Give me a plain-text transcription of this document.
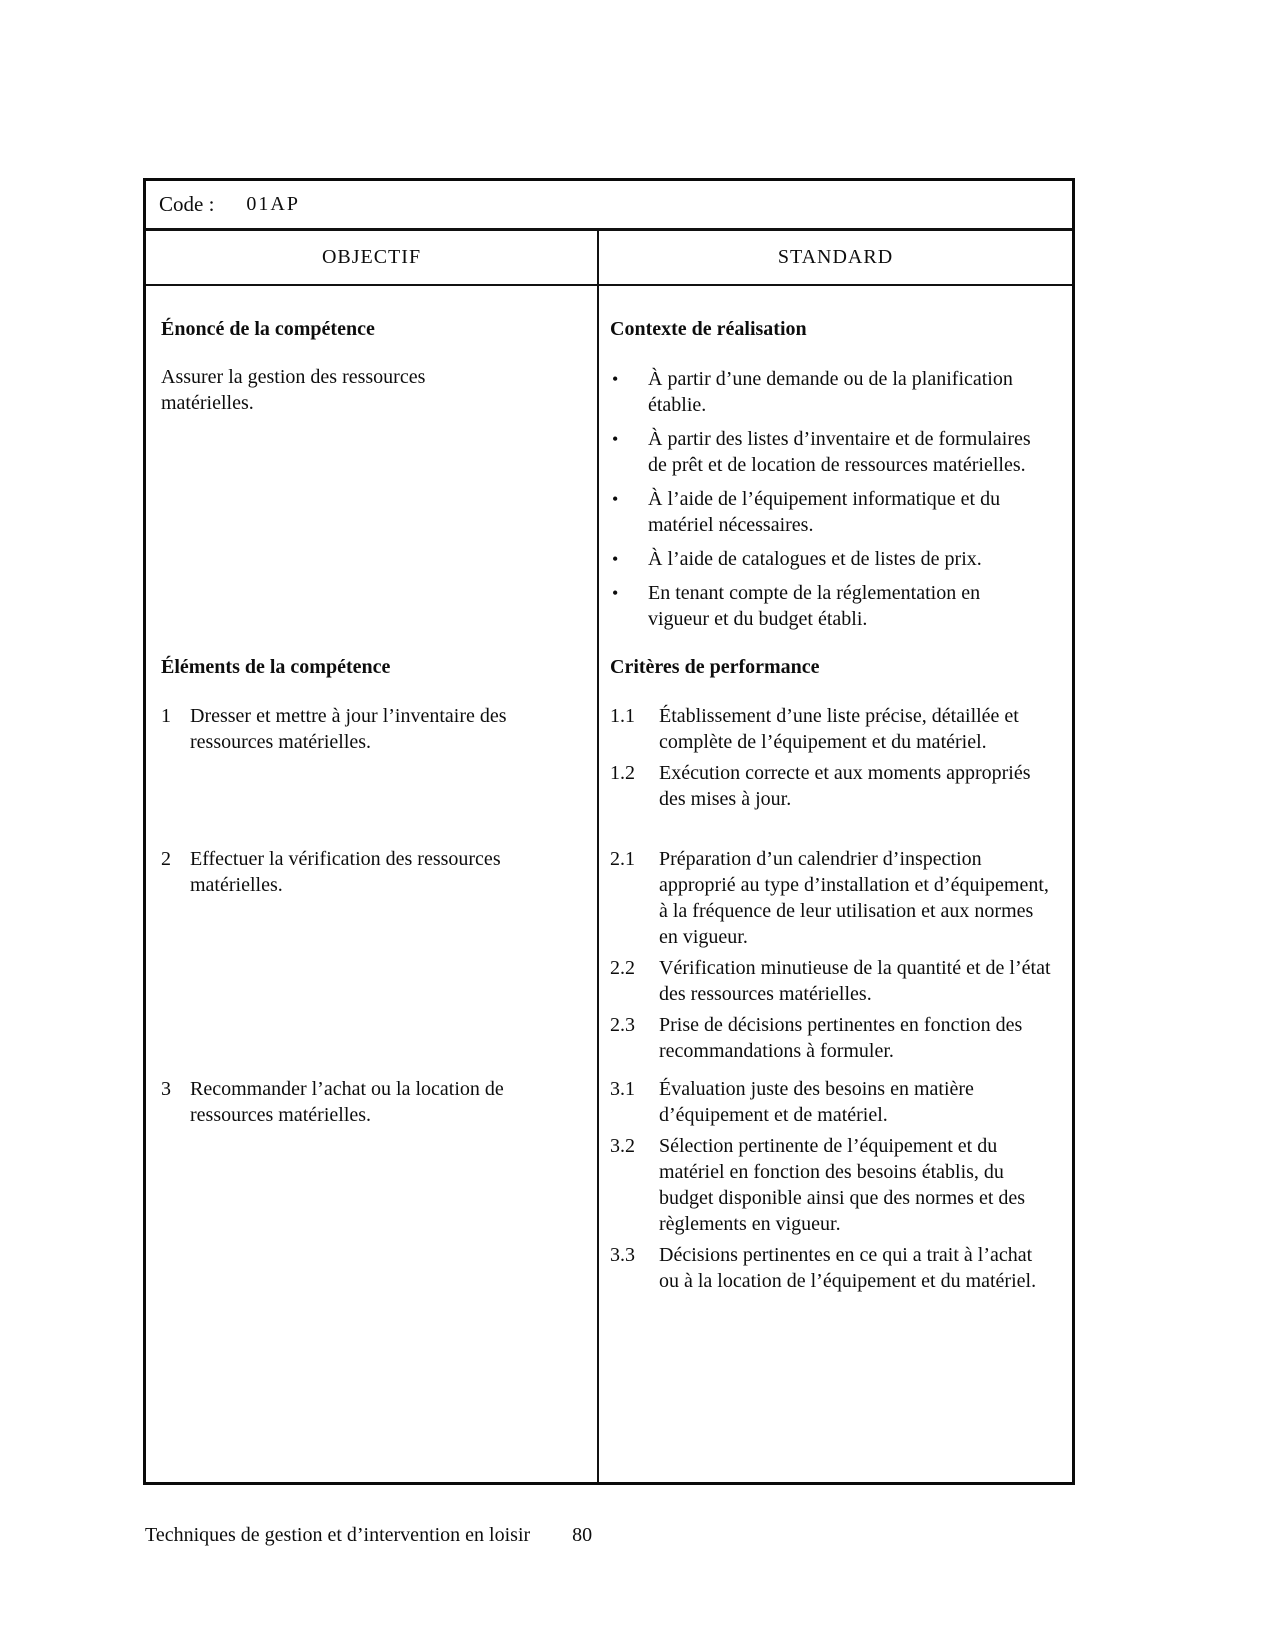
Code : 01AP
OBJECTIF	STANDARD
Énoncé de la compétence

Assurer la gestion des ressources matérielles.

Contexte de réalisation
•	À partir d’une demande ou de la planification établie.
•	À partir des listes d’inventaire et de formulaires de prêt et de location de ressources matérielles.
•	À l’aide de l’équipement informatique et du matériel nécessaires.
•	À l’aide de catalogues et de listes de prix.
•	En tenant compte de la réglementation en vigueur et du budget établi.
Éléments de la compétence	Critères de performance
1 Dresser et mettre à jour l’inventaire des ressources matérielles.
1.1	Établissement d’une liste précise, détaillée et complète de l’équipement et du matériel.
1.2	Exécution correcte et aux moments appropriés des mises à jour.
2 Effectuer la vérification des ressources matérielles.
2.1	Préparation d’un calendrier d’inspection approprié au type d’installation et d’équipement, à la fréquence de leur utilisation et aux normes en vigueur.
2.2	Vérification minutieuse de la quantité et de l’état des ressources matérielles.
2.3	Prise de décisions pertinentes en fonction des recommandations à formuler.
3 Recommander l’achat ou la location de ressources matérielles.
3.1	Évaluation juste des besoins en matière d’équipement et de matériel.
3.2	Sélection pertinente de l’équipement et du matériel en fonction des besoins établis, du budget disponible ainsi que des normes et des règlements en vigueur.
3.3	Décisions pertinentes en ce qui a trait à l’achat ou à la location de l’équipement et du matériel.
Techniques de gestion et d’intervention en loisir 80
